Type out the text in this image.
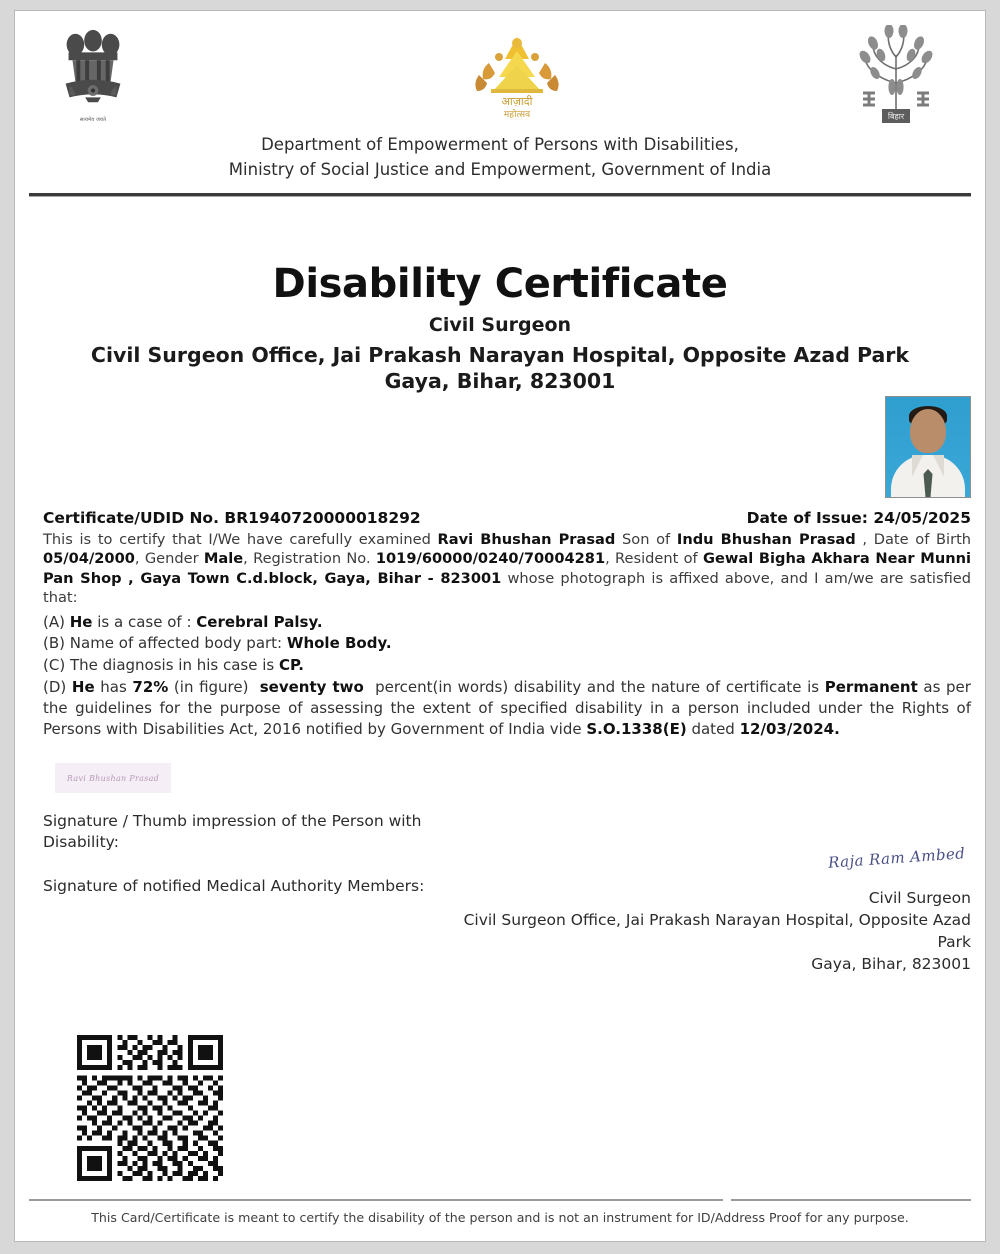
सत्यमेव जयते
आज़ादी
महोत्सव	बिहार
Department of Empowerment of Persons with Disabilities,
Ministry of Social Justice and Empowerment, Government of India
Disability Certificate
Civil Surgeon
Civil Surgeon Office, Jai Prakash Narayan Hospital, Opposite Azad Park
Gaya, Bihar, 823001
Certificate/UDID No. BR1940720000018292	Date of Issue: 24/05/2025
This is to certify that I/We have carefully examined Ravi Bhushan Prasad Son of Indu Bhushan Prasad , Date of Birth 05/04/2000, Gender Male, Registration No. 1019/60000/0240/70004281, Resident of Gewal Bigha Akhara Near Munni Pan Shop , Gaya Town C.d.block, Gaya, Bihar - 823001 whose photograph is affixed above, and I am/we are satisfied that:
(A) He is a case of : Cerebral Palsy.
(B) Name of affected body part: Whole Body.
(C) The diagnosis in his case is CP.
(D) He has 72% (in figure) seventy two percent(in words) disability and the nature of certificate is Permanent as per the guidelines for the purpose of assessing the extent of specified disability in a person included under the Rights of Persons with Disabilities Act, 2016 notified by Government of India vide S.O.1338(E) dated 12/03/2024.
Ravi Bhushan Prasad
Signature / Thumb impression of the Person with
Disability:
Signature of notified Medical Authority Members:
Raja Ram Ambed
Civil Surgeon
Civil Surgeon Office, Jai Prakash Narayan Hospital, Opposite Azad
Park
Gaya, Bihar, 823001
This Card/Certificate is meant to certify the disability of the person and is not an instrument for ID/Address Proof for any purpose.
